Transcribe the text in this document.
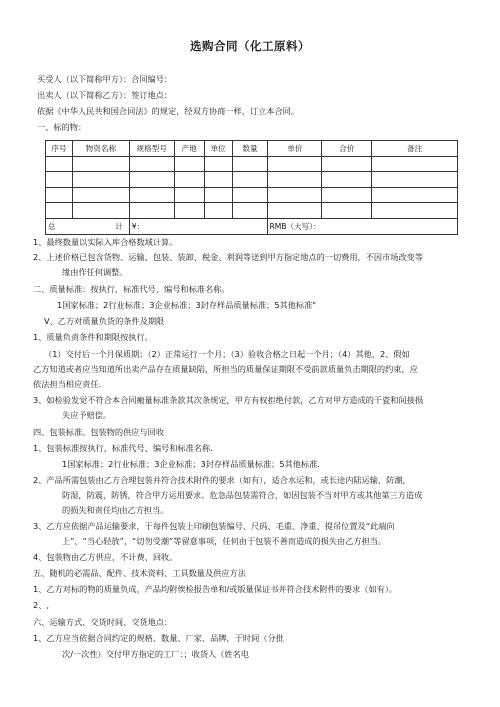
选购合同（化工原料）
买受人（以下简称甲方）：合同编号：
出卖人（以下简称乙方）：签订地点：
依据《中华人民共和国合同法》的规定，经双方协商一样，订立本合同。
一、标的物：
序号	物资名称	规格型号	产地	单位	数量	单价	合价	备注

总 计		¥：				RMB（大写）：		
1、最终数量以实际入库合格数域计算。
2、上述价格已包含货物、运输、包装、装卸、税金、利润等送到甲方指定地点的一切费用，不因市场改变等
缘由作任何调整。
二、质量标准：按执行，标准代号、编号和标准名称。
1国家标准；2行业标准；3企业标准；3封存样品质量标准；5其他标准"
V、乙方对质量负货的条件及期限
1、质量负责条件和期限按执行。
（1）交付后一个月保质期；（2）正常运行一个月；（3）验收合格之日起一个月；（4）其他，2、假如
乙方知道或者应当知道所出卖产品存在质量缺陷，所担当的质量保证期限不受前款质量负击期限的约束，应
依法担当相应责任.
3、如检验发觉不符合本合同瘢量标准条款其次条规定，甲方有权拒绝付款，乙方对甲方造成的干瓷和间接损
失应予赔偿。
四、包装标准、包装物的供应与回收
1、包装标准按执行，标准代号、编号和标准名称.
1国家标准；2行业标准；3企业标准；3封存样品质量标准；5其他标准.
2、产品所需包装由乙方合理包装并符合技术附件的要求（如有），适合水运和，或长途内陆运输，防潮，
防湿，防震，防锈，符合甲方运用要求。危急品包装需符合，如因包装不当对甲方或其他第三方造成
的损失和责任均由乙方担当。
3、乙方应依据产品运输要求，于每件包装上印刷包装编号、尺码、毛重、净重、提吊位置及“此端向
上”、“当心轻放”，“切勿受潮”等留意事项，任何由于包装不善而造成的损失由乙方担当。
4、包装物由乙方供应，不计费、回收。
五、随机的必需品、配件、技术资料、工具数量及供应方法
1、乙方对标的物的质量负成，产品均附俟检报告单和/或版量保证书并符合技术附件的要求（如有）。
2、,
六、运输方式、交货时间、交货地点：
1、乙方应当依据合同约定的规格、数量、厂家、品牌，于时间（分批
次/一次性）交付甲方指定的工厂：；收货人（姓名电
